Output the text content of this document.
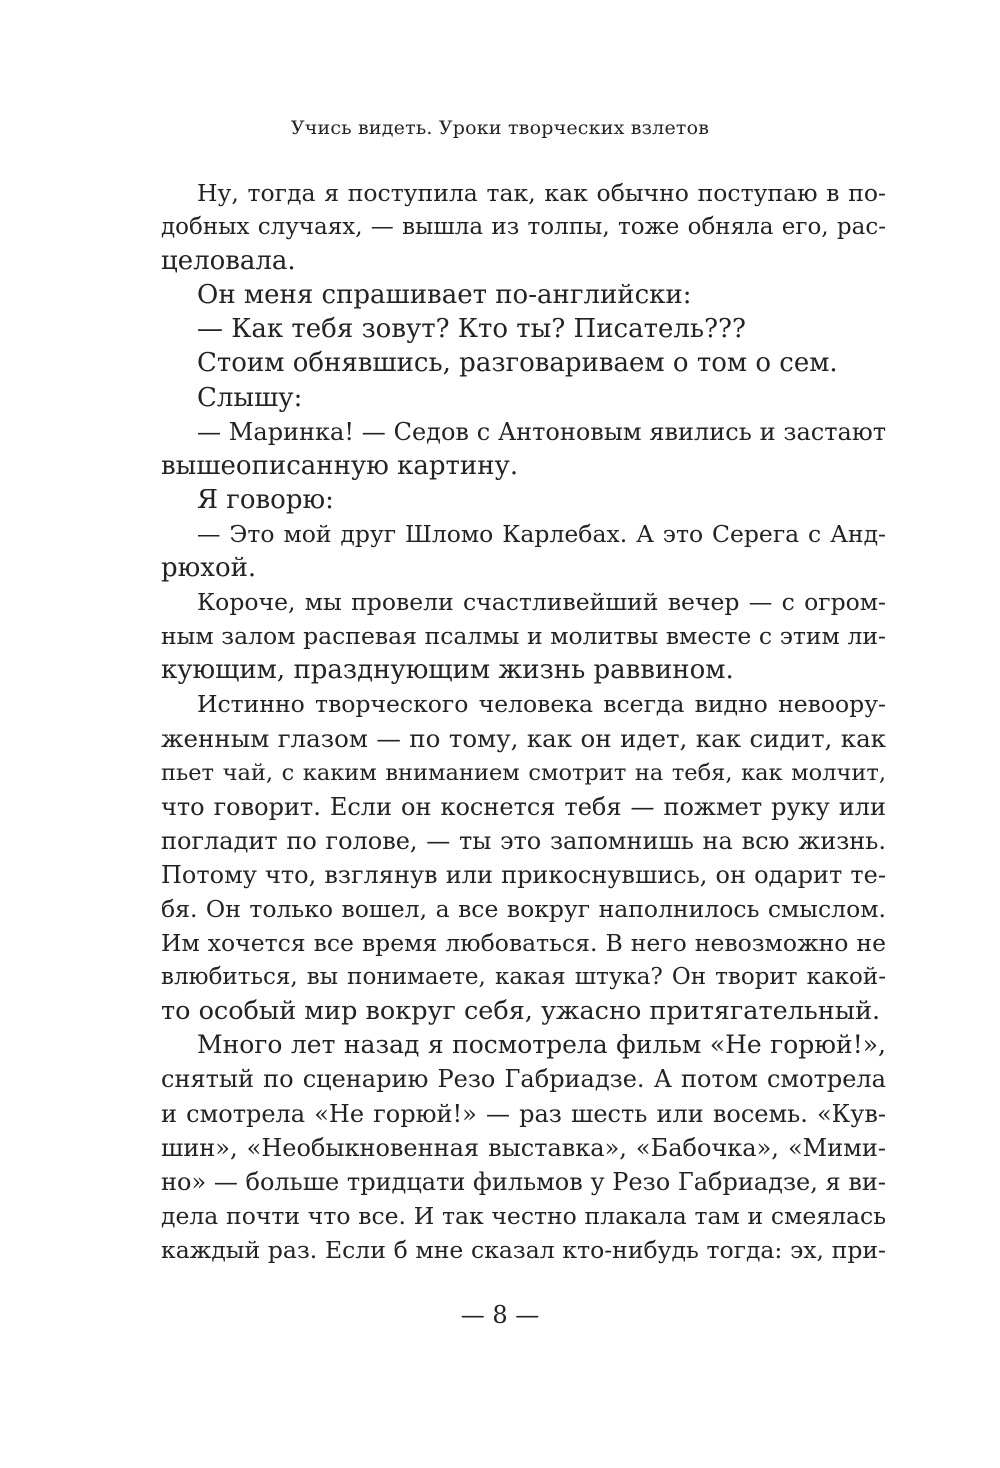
Учись видеть. Уроки творческих взлетов
Ну, тогда я поступила так, как обычно поступаю в по-
добных случаях, — вышла из толпы, тоже обняла его, рас-
целовала.
Он меня спрашивает по-английски:
— Как тебя зовут? Кто ты? Писатель???
Стоим обнявшись, разговариваем о том о сем.
Слышу:
— Маринка! — Седов с Антоновым явились и застают
вышеописанную картину.
Я говорю:
— Это мой друг Шломо Карлебах. А это Серега с Анд-
рюхой.
Короче, мы провели счастливейший вечер — с огром-
ным залом распевая псалмы и молитвы вместе с этим ли-
кующим, празднующим жизнь раввином.
Истинно творческого человека всегда видно невоору-
женным глазом — по тому, как он идет, как сидит, как
пьет чай, с каким вниманием смотрит на тебя, как молчит,
что говорит. Если он коснется тебя — пожмет руку или
погладит по голове, — ты это запомнишь на всю жизнь.
Потому что, взглянув или прикоснувшись, он одарит те-
бя. Он только вошел, а все вокруг наполнилось смыслом.
Им хочется все время любоваться. В него невозможно не
влюбиться, вы понимаете, какая штука? Он творит какой-
то особый мир вокруг себя, ужасно притягательный.
Много лет назад я посмотрела фильм «Не горюй!»,
снятый по сценарию Резо Габриадзе. А потом смотрела
и смотрела «Не горюй!» — раз шесть или восемь. «Кув-
шин», «Необыкновенная выставка», «Бабочка», «Мими-
но» — больше тридцати фильмов у Резо Габриадзе, я ви-
дела почти что все. И так честно плакала там и смеялась
каждый раз. Если б мне сказал кто-нибудь тогда: эх, при-
— 8 —
